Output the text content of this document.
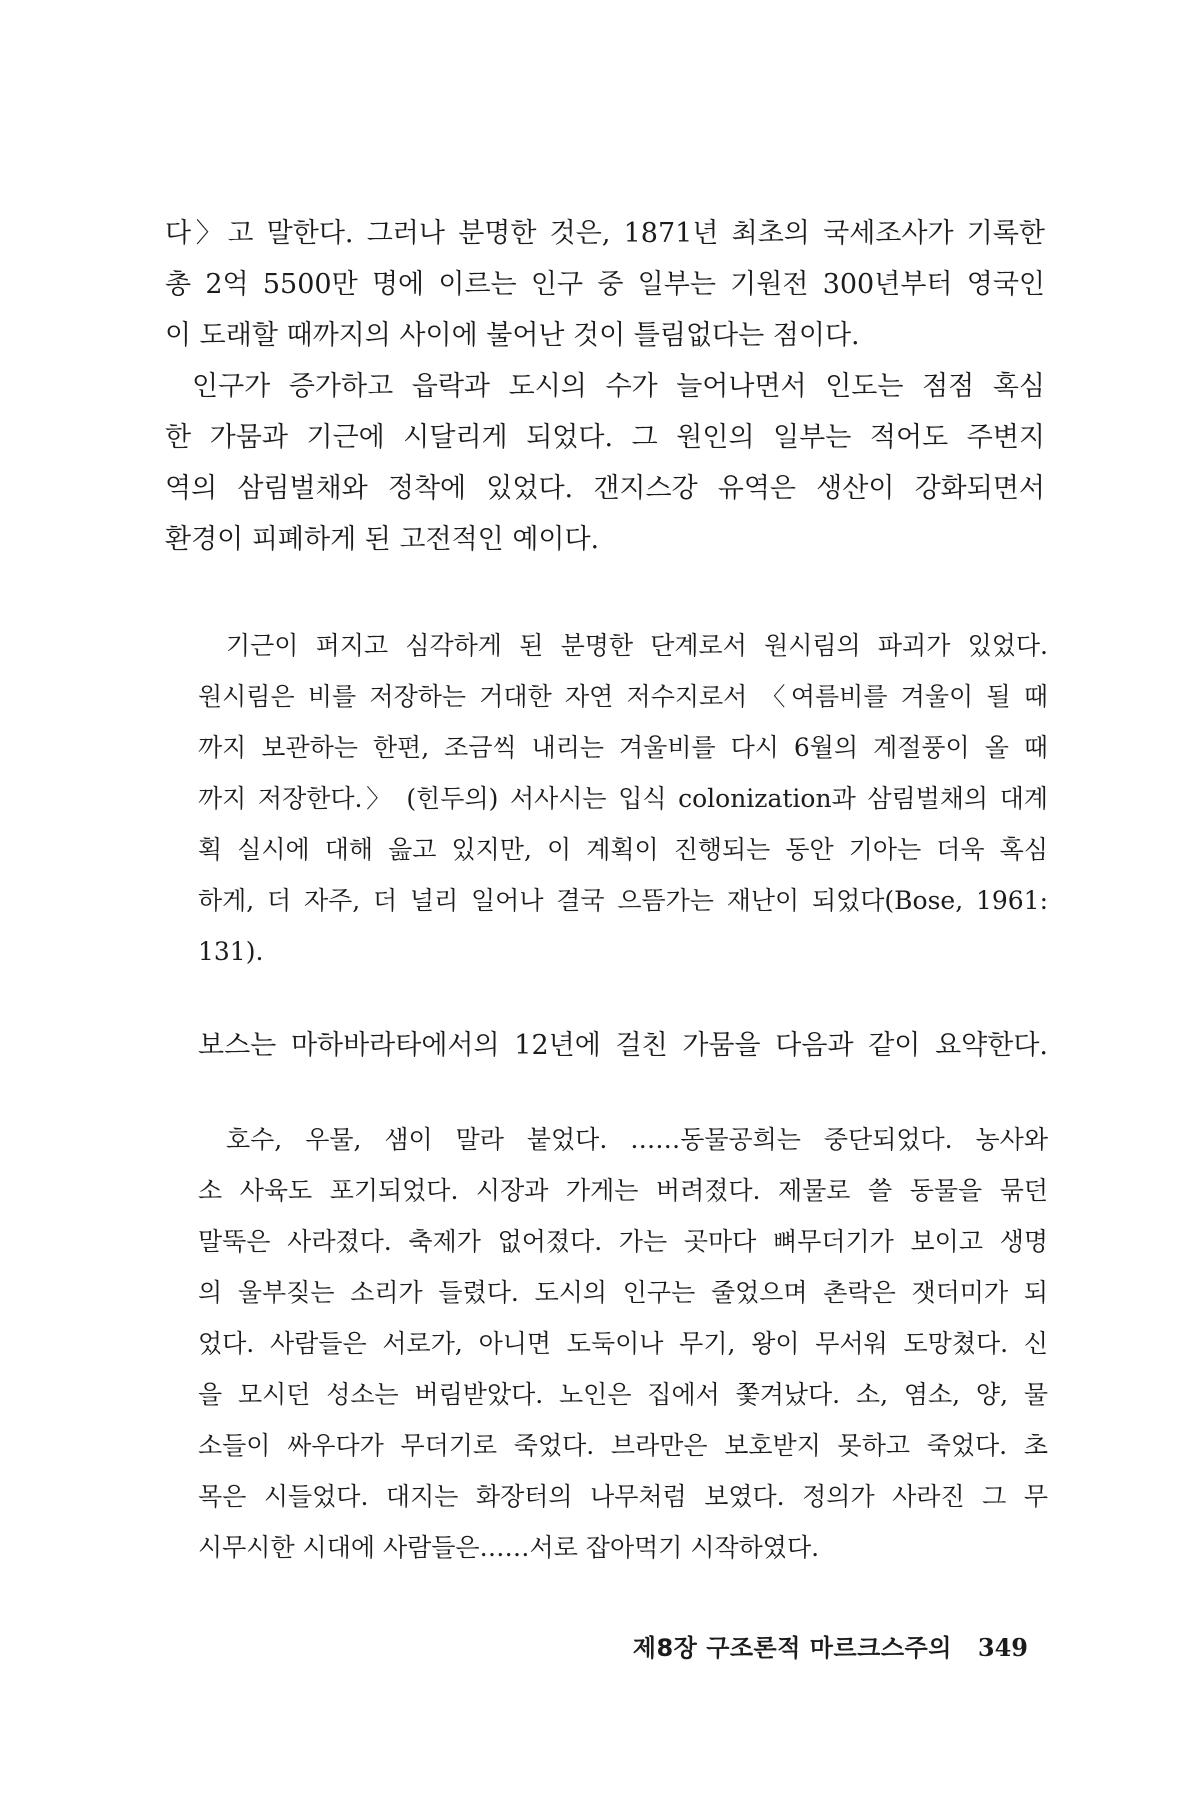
다〉고 말한다. 그러나 분명한 것은, 1871년 최초의 국세조사가 기록한

총 2억 5500만 명에 이르는 인구 중 일부는 기원전 300년부터 영국인

이 도래할 때까지의 사이에 불어난 것이 틀림없다는 점이다.

인구가 증가하고 읍락과 도시의 수가 늘어나면서 인도는 점점 혹심

한 가뭄과 기근에 시달리게 되었다. 그 원인의 일부는 적어도 주변지

역의 삼림벌채와 정착에 있었다. 갠지스강 유역은 생산이 강화되면서

환경이 피폐하게 된 고전적인 예이다.

기근이 퍼지고 심각하게 된 분명한 단계로서 원시림의 파괴가 있었다.

원시림은 비를 저장하는 거대한 자연 저수지로서 〈여름비를 겨울이 될 때

까지 보관하는 한편, 조금씩 내리는 겨울비를 다시 6월의 계절풍이 올 때

까지 저장한다.〉 (힌두의) 서사시는 입식 colonization과 삼림벌채의 대계

획 실시에 대해 읊고 있지만, 이 계획이 진행되는 동안 기아는 더욱 혹심

하게, 더 자주, 더 널리 일어나 결국 으뜸가는 재난이 되었다(Bose, 1961:

131).

보스는 마하바라타에서의 12년에 걸친 가뭄을 다음과 같이 요약한다.

호수, 우물, 샘이 말라 붙었다. ……동물공희는 중단되었다. 농사와

소 사육도 포기되었다. 시장과 가게는 버려졌다. 제물로 쓸 동물을 묶던

말뚝은 사라졌다. 축제가 없어졌다. 가는 곳마다 뼈무더기가 보이고 생명

의 울부짖는 소리가 들렸다. 도시의 인구는 줄었으며 촌락은 잿더미가 되

었다. 사람들은 서로가, 아니면 도둑이나 무기, 왕이 무서워 도망쳤다. 신

을 모시던 성소는 버림받았다. 노인은 집에서 쫓겨났다. 소, 염소, 양, 물

소들이 싸우다가 무더기로 죽었다. 브라만은 보호받지 못하고 죽었다. 초

목은 시들었다. 대지는 화장터의 나무처럼 보였다. 정의가 사라진 그 무

시무시한 시대에 사람들은……서로 잡아먹기 시작하였다.

제8장 구조론적 마르크스주의 349
